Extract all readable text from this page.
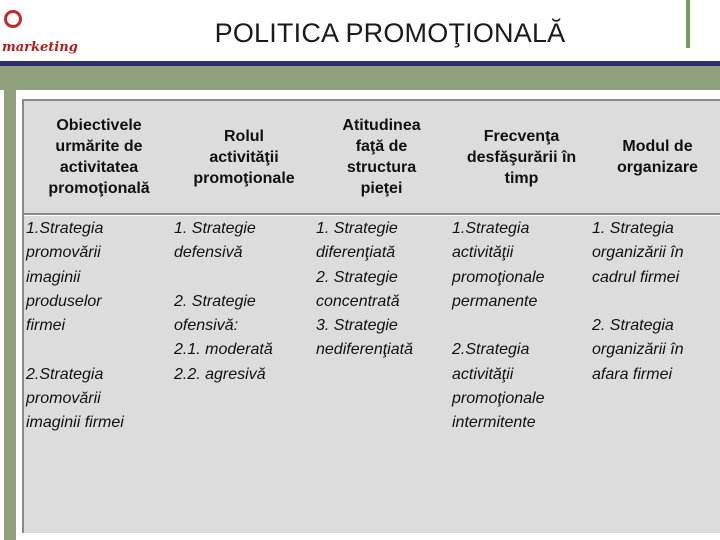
marketing	POLITICA PROMOŢIONALĂ
Obiectivele
urmărite de
activitatea
promoţională
Rolul
activităţii
promoţionale
Atitudinea
faţă de
structura
pieţei
Frecvenţa
desfăşurării în
timp
Modul de
organizare
1.Strategia
promovării
imaginii
produselor
firmei

2.Strategia
promovării
imaginii firmei
1. Strategie
defensivă

2. Strategie
ofensivă:
2.1. moderată
2.2. agresivă
1. Strategie
diferenţiată
2. Strategie
concentrată
3. Strategie
nediferenţiată
1.Strategia
activităţii
promoţionale
permanente

2.Strategia
activităţii
promoţionale
intermitente
1. Strategia
organizării în
cadrul firmei

2. Strategia
organizării în
afara firmei
